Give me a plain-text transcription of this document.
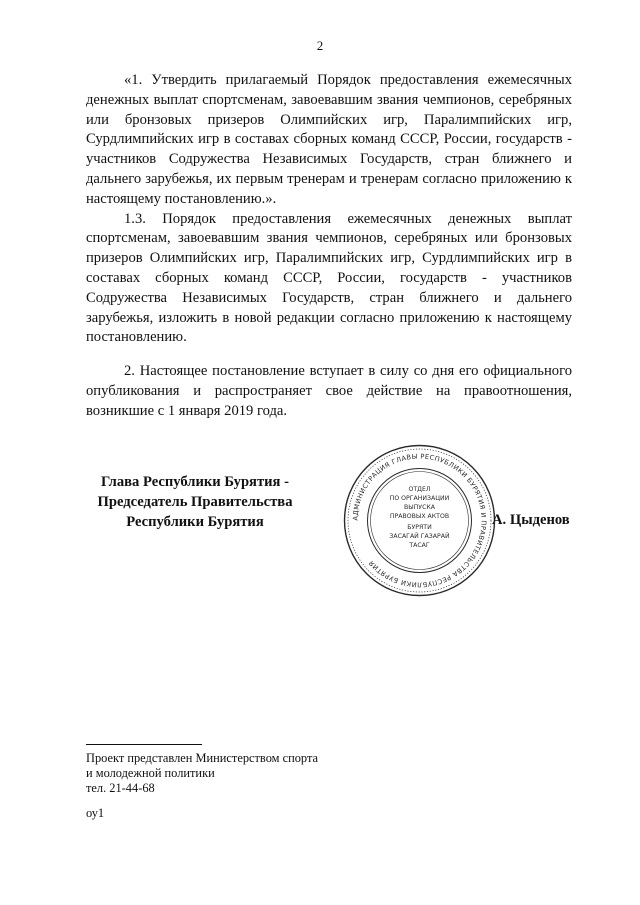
2

«1. Утвердить прилагаемый Порядок предоставления ежемесячных денежных выплат спортсменам, завоевавшим звания чемпионов, серебряных или бронзовых призеров Олимпийских игр, Паралимпийских игр, Сурдлимпийских игр в составах сборных команд СССР, России, государств - участников Содружества Независимых Государств, стран ближнего и дальнего зарубежья, их первым тренерам и тренерам согласно приложению к настоящему постановлению.».

1.3. Порядок предоставления ежемесячных денежных выплат спортсменам, завоевавшим звания чемпионов, серебряных или бронзовых призеров Олимпийских игр, Паралимпийских игр, Сурдлимпийских игр в составах сборных команд СССР, России, государств - участников Содружества Независимых Государств, стран ближнего и дальнего зарубежья, изложить в новой редакции согласно приложению к настоящему постановлению.

2. Настоящее постановление вступает в силу со дня его официального опубликования и распространяет свое действие на правоотношения, возникшие с 1 января 2019 года.

Глава Республики Бурятия -
Председатель Правительства
Республики Бурятия	АДМИНИСТРАЦИЯ ГЛАВЫ РЕСПУБЛИКИ БУРЯТИЯ И ПРАВИТЕЛЬСТВА РЕСПУБЛИКИ БУРЯТИЯ
ОТДЕЛ
ПО ОРГАНИЗАЦИИ
ВЫПУСКА
ПРАВОВЫХ АКТОВ
БУРЯТИ
ЗАСАГАЙ ГАЗАРАЙ
ТАСАГ
А. Цыденов
Проект представлен Министерством спорта
и молодежной политики
тел. 21-44-68
оу1
